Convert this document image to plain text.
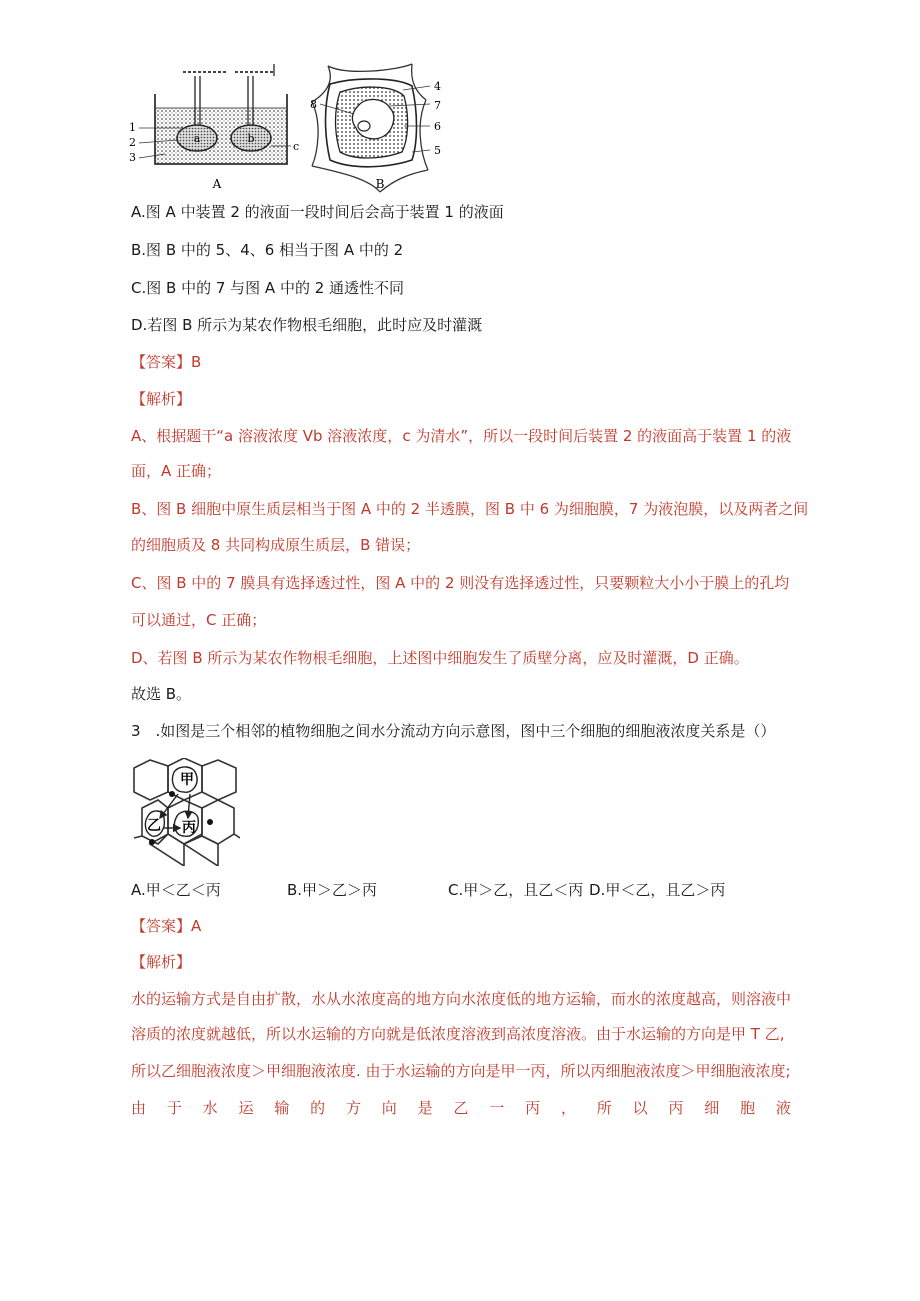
a	b
1
2
3
c
A
4
7
6
5
8
B
A.图 A 中装置 2 的液面一段时间后会高于装置 1 的液面
B.图 B 中的 5、4、6 相当于图 A 中的 2
C.图 B 中的 7 与图 A 中的 2 通透性不同
D.若图 B 所示为某农作物根毛细胞，此时应及时灌溉
【答案】B
【解析】
A、根据题干“a 溶液浓度 Vb 溶液浓度，c 为清水”，所以一段时间后装置 2 的液面高于装置 1 的液
面，A 正确；
B、图 B 细胞中原生质层相当于图 A 中的 2 半透膜，图 B 中 6 为细胞膜，7 为液泡膜，以及两者之间
的细胞质及 8 共同构成原生质层，B 错误；
C、图 B 中的 7 膜具有选择透过性，图 A 中的 2 则没有选择透过性，只要颗粒大小小于膜上的孔均
可以通过，C 正确；
D、若图 B 所示为某农作物根毛细胞，上述图中细胞发生了质壁分离，应及时灌溉，D 正确。
故选 B。
3　.如图是三个相邻的植物细胞之间水分流动方向示意图，图中三个细胞的细胞液浓度关系是（）
甲
乙 丙
A.甲＜乙＜丙	B.甲＞乙＞丙	C.甲＞乙，且乙＜丙 D.甲＜乙，且乙＞丙
【答案】A
【解析】
水的运输方式是自由扩散，水从水浓度高的地方向水浓度低的地方运输，而水的浓度越高，则溶液中
溶质的浓度就越低，所以水运输的方向就是低浓度溶液到高浓度溶液。由于水运输的方向是甲 T 乙,
所以乙细胞液浓度＞甲细胞液浓度. 由于水运输的方向是甲一丙，所以丙细胞液浓度＞甲细胞液浓度;
由 于 水 运 输 的 方 向 是 乙 一 丙 ， 所 以 丙 细 胞 液
